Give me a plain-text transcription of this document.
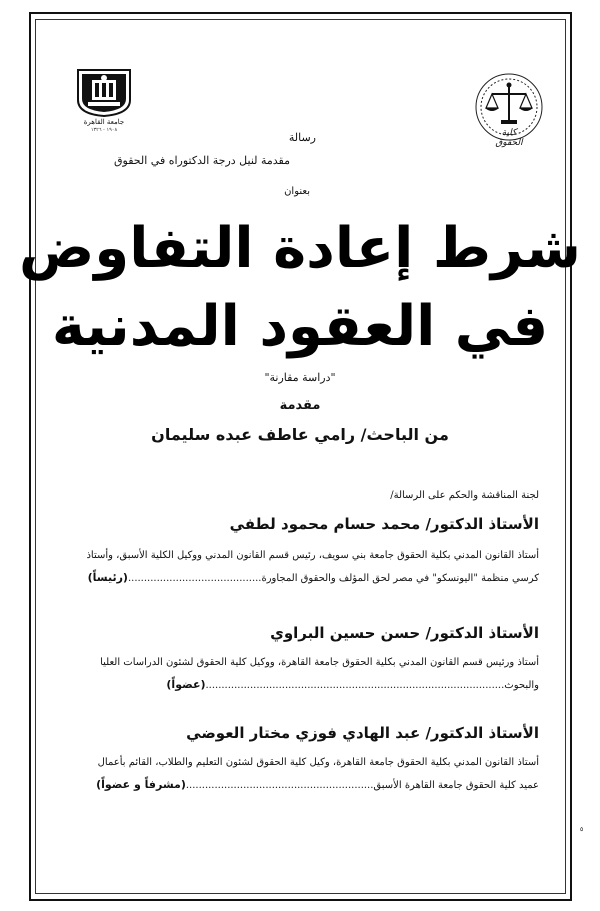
جامعة القاهرة
١٩٠٨ - ١٣٢٦	كلية الحقوق
رسالة
مقدمة لنيل درجة الدكتوراه في الحقوق
بعنوان
شرط إعادة التفاوض
في العقود المدنية
"دراسة مقارنة"
مقدمة
من الباحث/ رامي عاطف عبده سليمان
لجنة المناقشة والحكم على الرسالة/
الأستاذ الدكتور/ محمد حسام محمود لطفي
أستاذ القانون المدني بكلية الحقوق جامعة بني سويف، رئيس قسم القانون المدني ووكيل الكلية الأسبق، وأستاذ
كرسي منظمة "اليونسكو" في مصر لحق المؤلف والحقوق المجاورة..........................................(رئيساً)
الأستاذ الدكتور/ حسن حسين البراوي
أستاذ ورئيس قسم القانون المدني بكلية الحقوق جامعة القاهرة، ووكيل كلية الحقوق لشئون الدراسات العليا
والبحوث..............................................................................................(عضواً)
الأستاذ الدكتور/ عبد الهادي فوزي مختار العوضي
أستاذ القانون المدني بكلية الحقوق جامعة القاهرة، وكيل كلية الحقوق لشئون التعليم والطلاب، القائم بأعمال
عميد كلية الحقوق جامعة القاهرة الأسبق...........................................................(مشرفاً و عضواً)
٥
